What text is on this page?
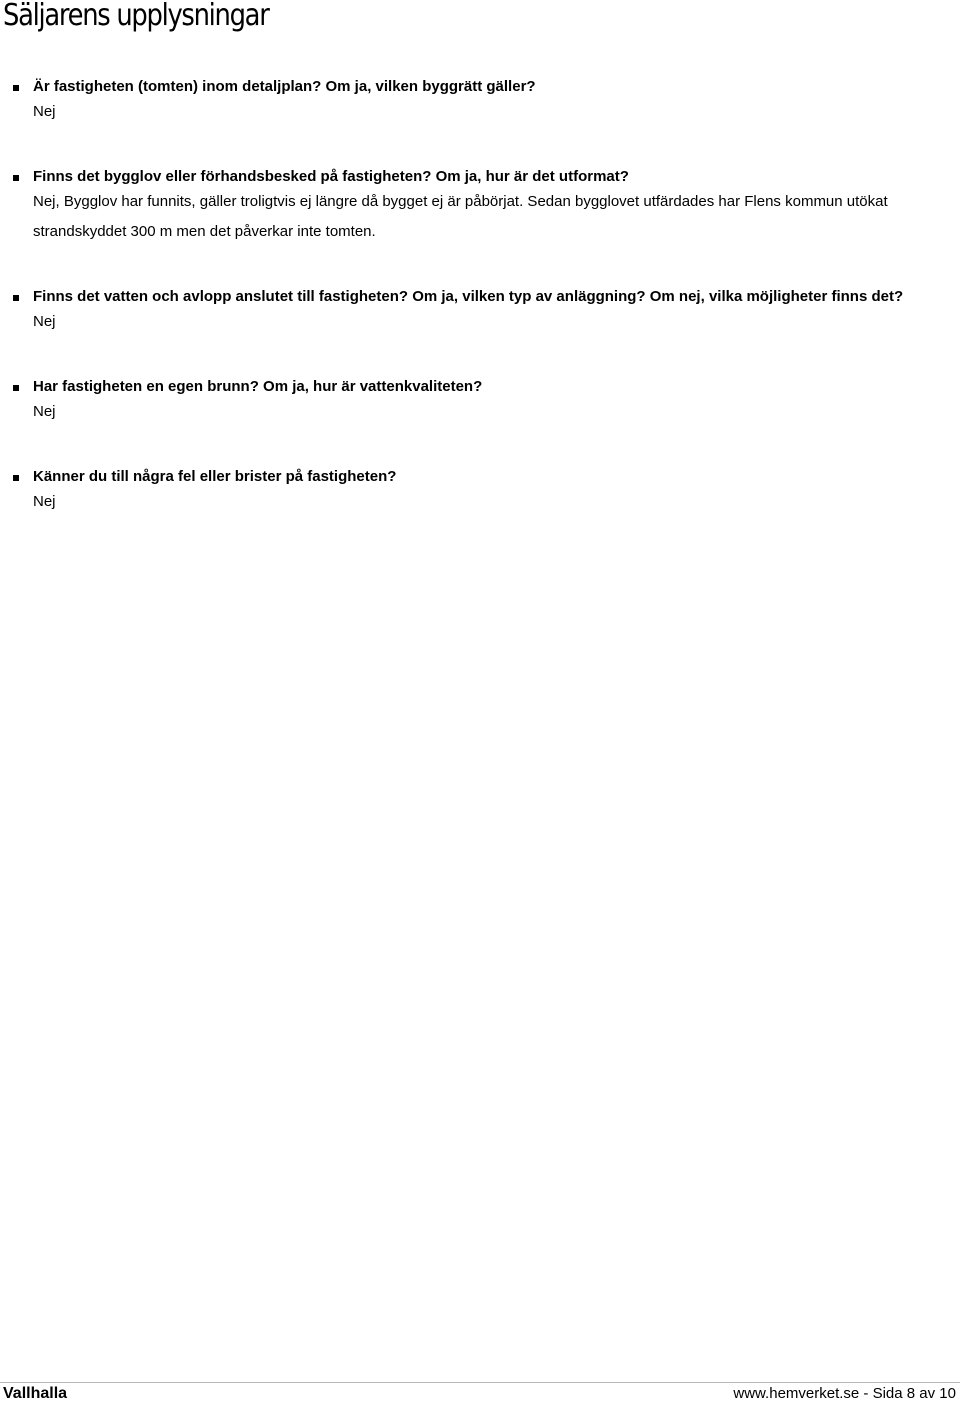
Säljarens upplysningar
Är fastigheten (tomten) inom detaljplan? Om ja, vilken byggrätt gäller?
Nej
Finns det bygglov eller förhandsbesked på fastigheten? Om ja, hur är det utformat?
Nej, Bygglov har funnits, gäller troligtvis ej längre då bygget ej är påbörjat. Sedan bygglovet utfärdades har Flens kommun utökat strandskyddet 300 m men det påverkar inte tomten.
Finns det vatten och avlopp anslutet till fastigheten? Om ja, vilken typ av anläggning? Om nej, vilka möjligheter finns det?
Nej
Har fastigheten en egen brunn? Om ja, hur är vattenkvaliteten?
Nej
Känner du till några fel eller brister på fastigheten?
Nej
Vallhalla	www.hemverket.se - Sida 8 av 10
